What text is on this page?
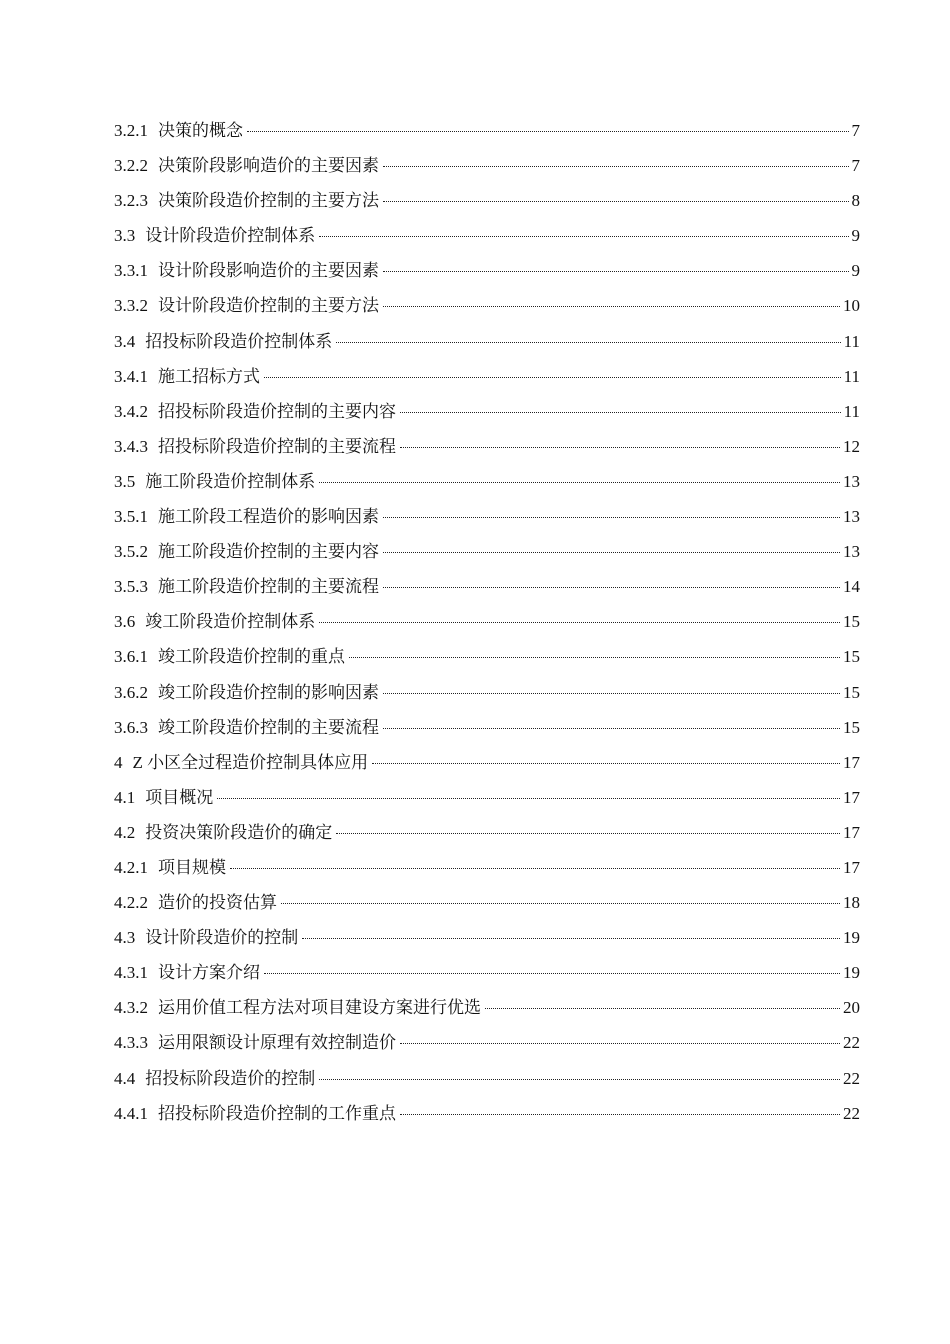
3.2.1 决策的概念	7
3.2.2 决策阶段影响造价的主要因素	7
3.2.3 决策阶段造价控制的主要方法	8
3.3 设计阶段造价控制体系	9
3.3.1 设计阶段影响造价的主要因素	9
3.3.2 设计阶段造价控制的主要方法	10
3.4 招投标阶段造价控制体系	11
3.4.1 施工招标方式	11
3.4.2 招投标阶段造价控制的主要内容	11
3.4.3 招投标阶段造价控制的主要流程	12
3.5 施工阶段造价控制体系	13
3.5.1 施工阶段工程造价的影响因素	13
3.5.2 施工阶段造价控制的主要内容	13
3.5.3 施工阶段造价控制的主要流程	14
3.6 竣工阶段造价控制体系	15
3.6.1 竣工阶段造价控制的重点	15
3.6.2 竣工阶段造价控制的影响因素	15
3.6.3 竣工阶段造价控制的主要流程	15
4 Z 小区全过程造价控制具体应用	17
4.1 项目概况	17
4.2 投资决策阶段造价的确定	17
4.2.1 项目规模	17
4.2.2 造价的投资估算	18
4.3 设计阶段造价的控制	19
4.3.1 设计方案介绍	19
4.3.2 运用价值工程方法对项目建设方案进行优选	20
4.3.3 运用限额设计原理有效控制造价	22
4.4 招投标阶段造价的控制	22
4.4.1 招投标阶段造价控制的工作重点	22
